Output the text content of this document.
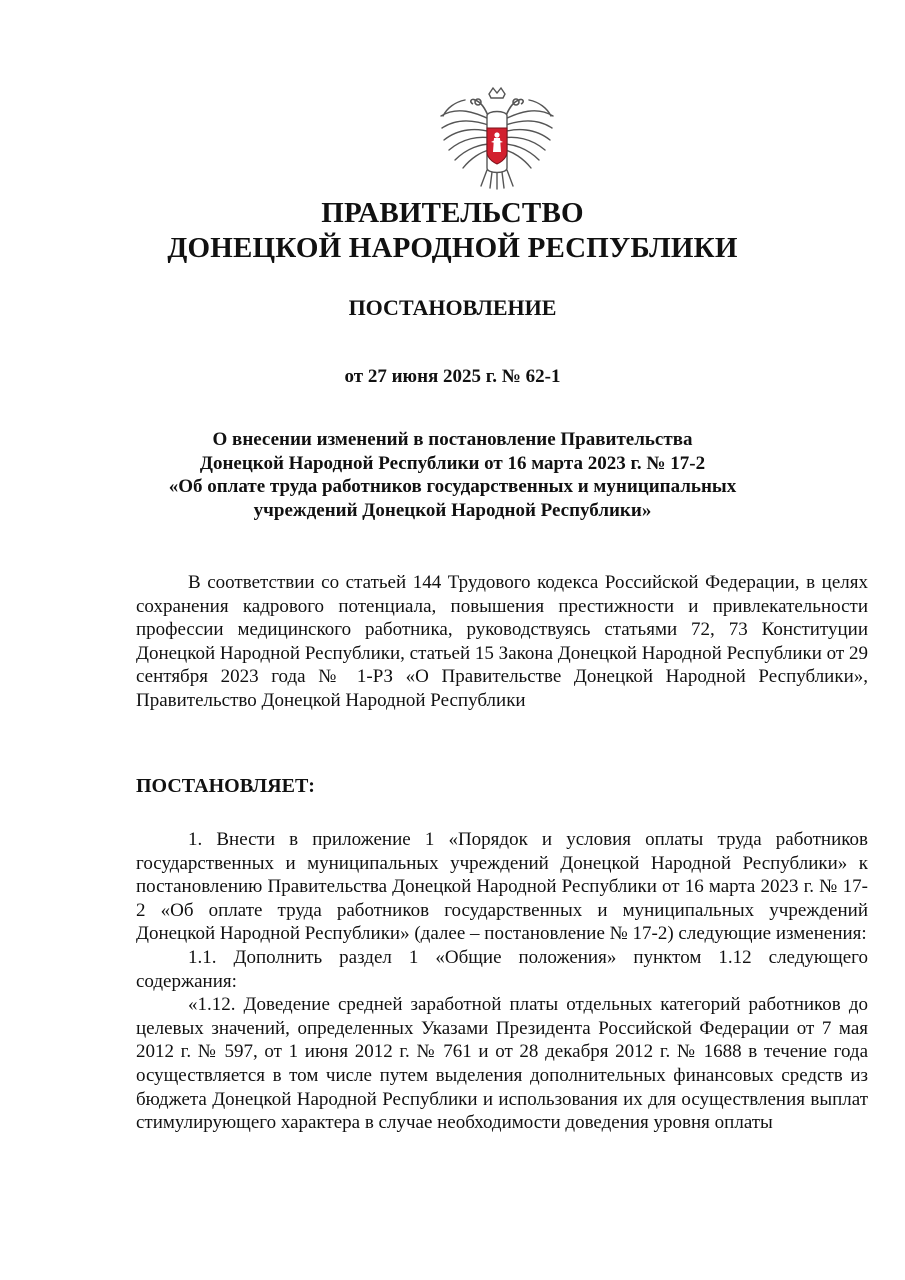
ПРАВИТЕЛЬСТВО
ДОНЕЦКОЙ НАРОДНОЙ РЕСПУБЛИКИ
ПОСТАНОВЛЕНИЕ
от 27 июня 2025 г. № 62-1
О внесении изменений в постановление Правительства
Донецкой Народной Республики от 16 марта 2023 г. № 17-2
«Об оплате труда работников государственных и муниципальных
учреждений Донецкой Народной Республики»

В соответствии со статьей 144 Трудового кодекса Российской Федерации, в целях сохранения кадрового потенциала, повышения престижности и привлекательности профессии медицинского работника, руководствуясь статьями 72, 73 Конституции Донецкой Народной Республики, статьей 15 Закона Донецкой Народной Республики от 29 сентября 2023 года № 1-РЗ «О Правительстве Донецкой Народной Республики», Правительство Донецкой Народной Республики

ПОСТАНОВЛЯЕТ:

1. Внести в приложение 1 «Порядок и условия оплаты труда работников государственных и муниципальных учреждений Донецкой Народной Республики» к постановлению Правительства Донецкой Народной Республики от 16 марта 2023 г. № 17-2 «Об оплате труда работников государственных и муниципальных учреждений Донецкой Народной Республики» (далее – постановление № 17-2) следующие изменения:

1.1. Дополнить раздел 1 «Общие положения» пунктом 1.12 следующего содержания:

«1.12. Доведение средней заработной платы отдельных категорий работников до целевых значений, определенных Указами Президента Российской Федерации от 7 мая 2012 г. № 597, от 1 июня 2012 г. № 761 и от 28 декабря 2012 г. № 1688 в течение года осуществляется в том числе путем выделения дополнительных финансовых средств из бюджета Донецкой Народной Республики и использования их для осуществления выплат стимулирующего характера в случае необходимости доведения уровня оплаты
